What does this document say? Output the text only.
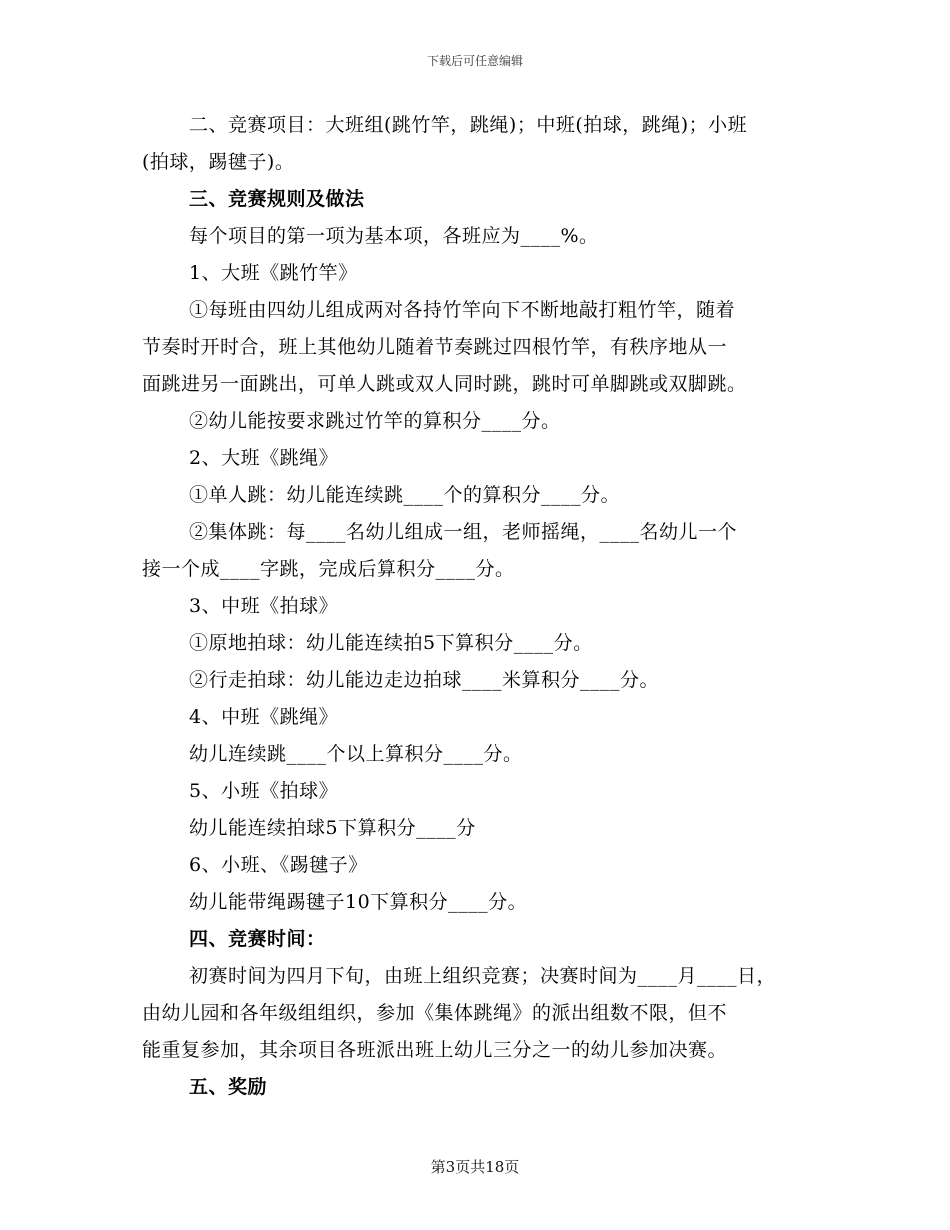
下载后可任意编辑
二、竞赛项目：大班组(跳竹竿，跳绳)；中班(拍球，跳绳)；小班
(拍球，踢毽子)。
三、竞赛规则及做法
每个项目的第一项为基本项，各班应为____%。
1、大班《跳竹竿》
①每班由四幼儿组成两对各持竹竿向下不断地敲打粗竹竿，随着
节奏时开时合，班上其他幼儿随着节奏跳过四根竹竿，有秩序地从一
面跳进另一面跳出，可单人跳或双人同时跳，跳时可单脚跳或双脚跳。
②幼儿能按要求跳过竹竿的算积分____分。
2、大班《跳绳》
①单人跳：幼儿能连续跳____个的算积分____分。
②集体跳：每____名幼儿组成一组，老师摇绳，____名幼儿一个
接一个成____字跳，完成后算积分____分。
3、中班《拍球》
①原地拍球：幼儿能连续拍5下算积分____分。
②行走拍球：幼儿能边走边拍球____米算积分____分。
4、中班《跳绳》
幼儿连续跳____个以上算积分____分。
5、小班《拍球》
幼儿能连续拍球5下算积分____分
6、小班、《踢毽子》
幼儿能带绳踢毽子10下算积分____分。
四、竞赛时间：
初赛时间为四月下旬，由班上组织竞赛；决赛时间为____月____日，
由幼儿园和各年级组组织，参加《集体跳绳》的派出组数不限，但不
能重复参加，其余项目各班派出班上幼儿三分之一的幼儿参加决赛。
五、奖励
第3页共18页
